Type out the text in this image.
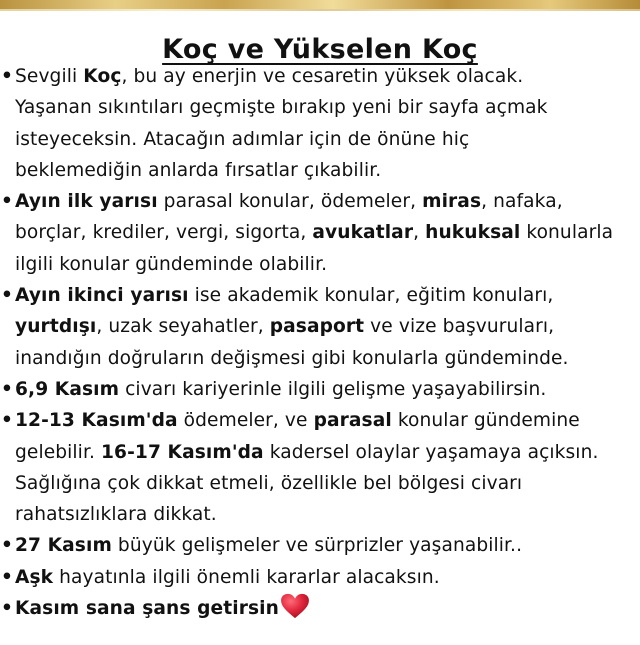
Koç ve Yükselen Koç
•
Sevgili Koç, bu ay enerjin ve cesaretin yüksek olacak.
Yaşanan sıkıntıları geçmişte bırakıp yeni bir sayfa açmak
isteyeceksin. Atacağın adımlar için de önüne hiç
beklemediğin anlarda fırsatlar çıkabilir.
•
Ayın ilk yarısı parasal konular, ödemeler, miras, nafaka,
borçlar, krediler, vergi, sigorta, avukatlar, hukuksal konularla
ilgili konular gündeminde olabilir.
•
Ayın ikinci yarısı ise akademik konular, eğitim konuları,
yurtdışı, uzak seyahatler, pasaport ve vize başvuruları,
inandığın doğruların değişmesi gibi konularla gündeminde.
•
6,9 Kasım civarı kariyerinle ilgili gelişme yaşayabilirsin.
•
12-13 Kasım'da ödemeler, ve parasal konular gündemine
gelebilir. 16-17 Kasım'da kadersel olaylar yaşamaya açıksın.
Sağlığına çok dikkat etmeli, özellikle bel bölgesi civarı
rahatsızlıklara dikkat.
•
27 Kasım büyük gelişmeler ve sürprizler yaşanabilir..
•
Aşk hayatınla ilgili önemli kararlar alacaksın.
•
Kasım sana şans getirsin
